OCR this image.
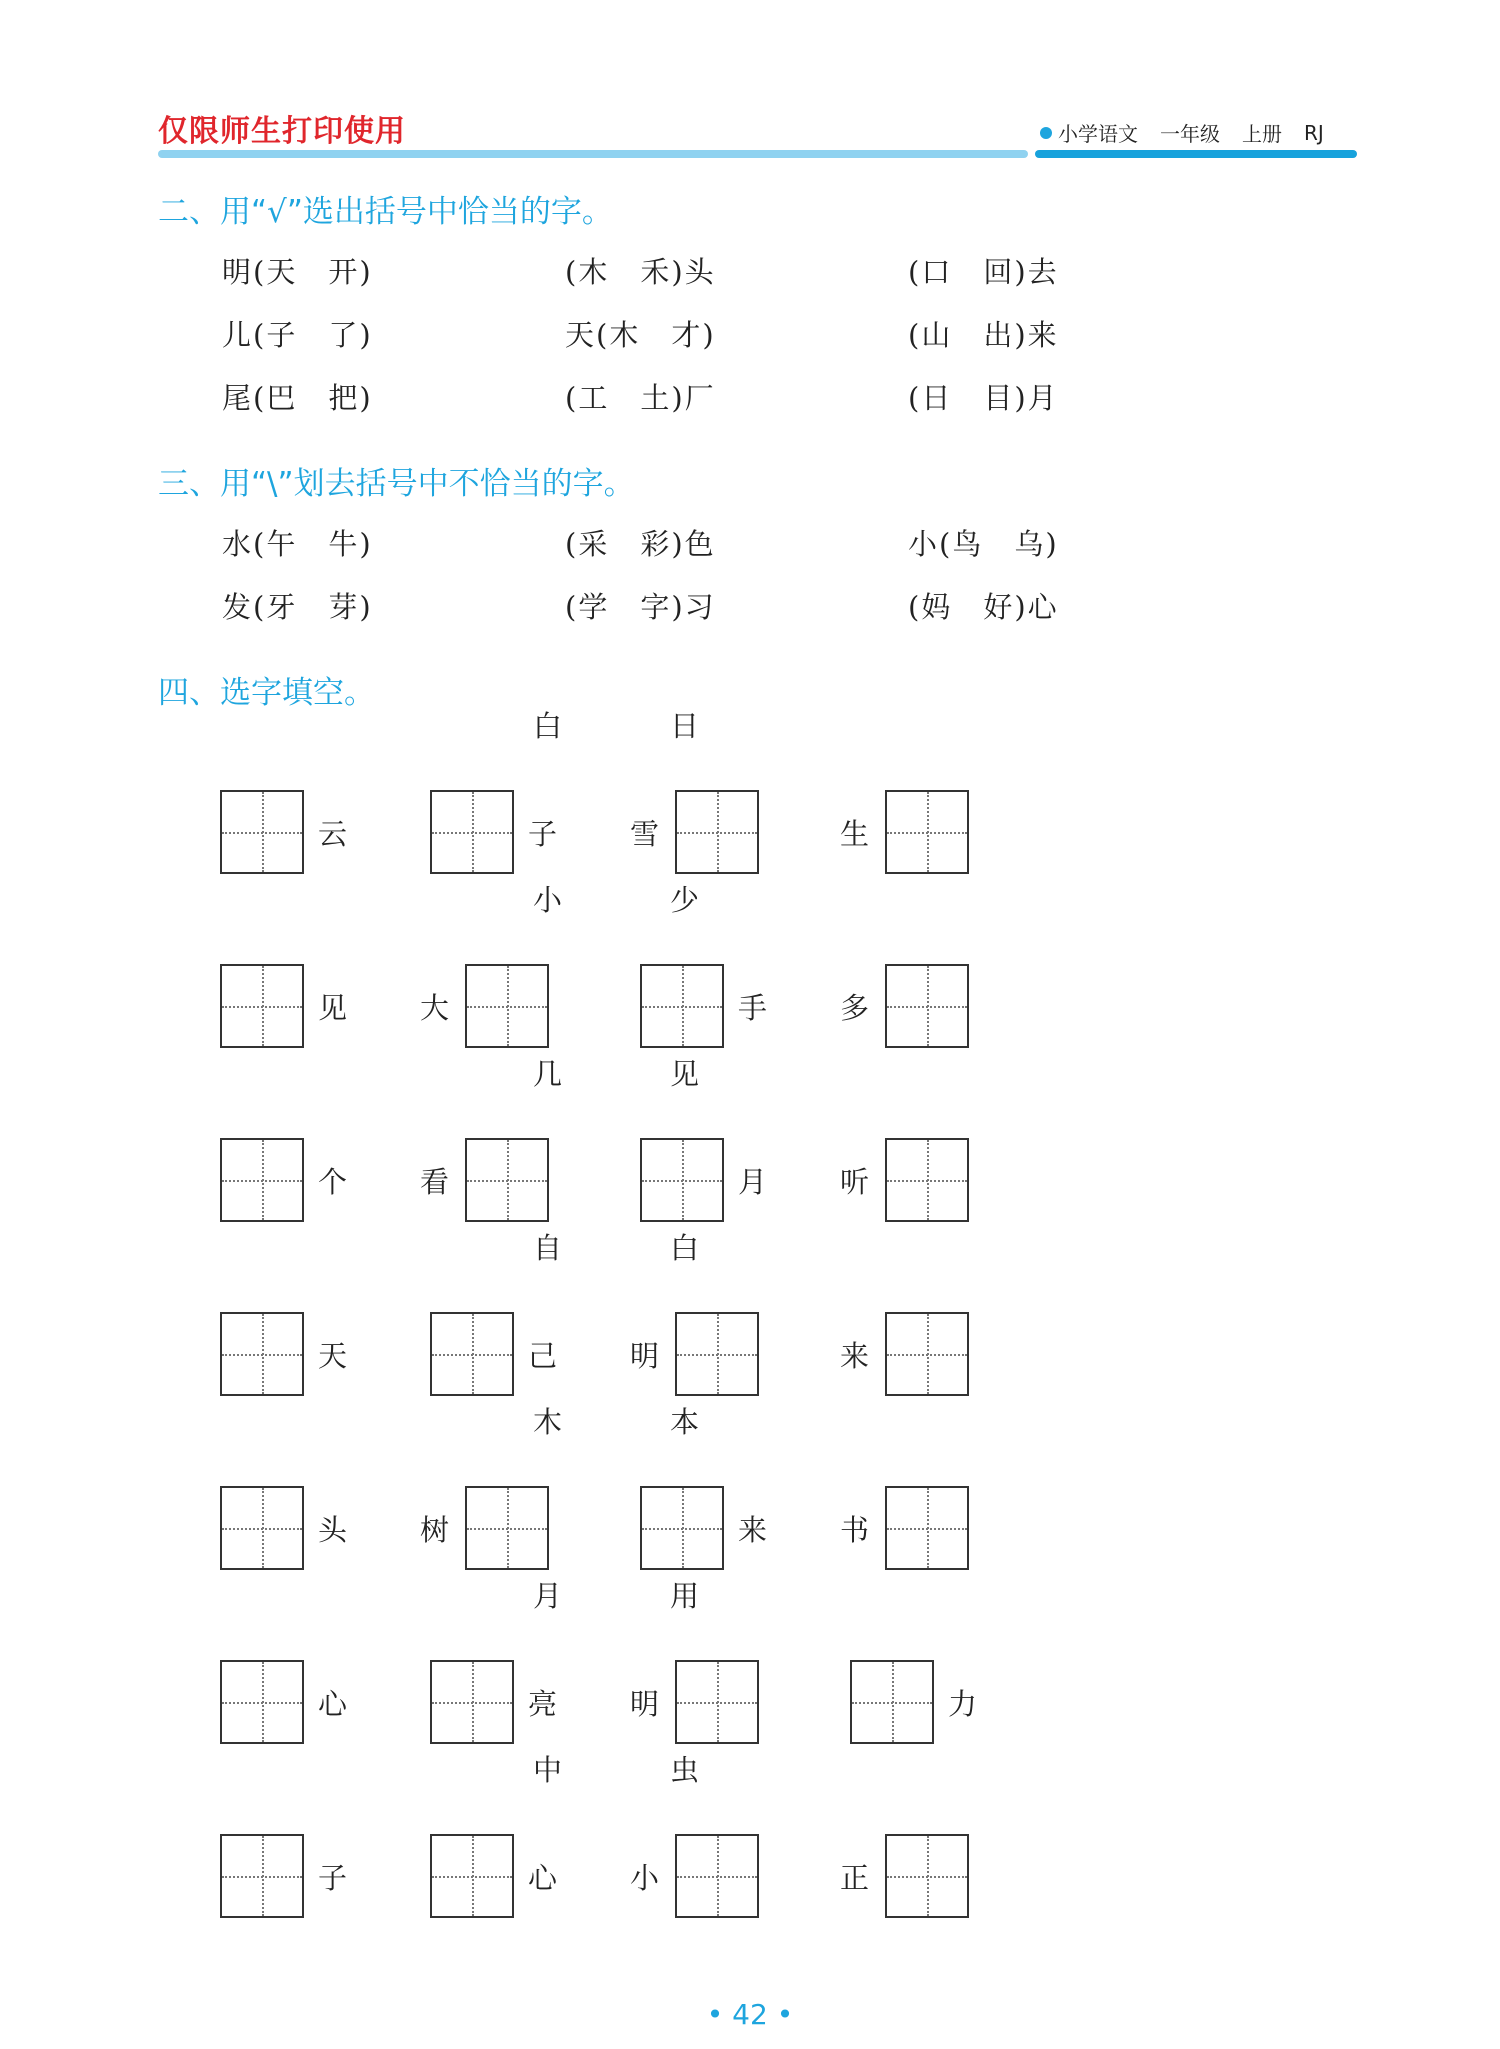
仅限师生打印使用	小学语文 一年级 上册 RJ
二、用“√”选出括号中恰当的字。
明(天　开)	(木　禾)头	(口　回)去
儿(子　了)	天(木　才)	(山　出)来
尾(巴　把)	(工　土)厂	(日　目)月
三、用“\”划去括号中不恰当的字。
水(午　牛)	(采　彩)色	小(鸟　乌)
发(牙　芽)	(学　字)习	(妈　好)心
四、选字填空。
白	日
云	子	雪	生
小	少
见	大	手	多
几	见
个	看	月	听
自	白
天	己	明	来
木	本
头	树	来	书
月	用
心	亮	明	力
中	虫
子	心	小	正
• 42 •
